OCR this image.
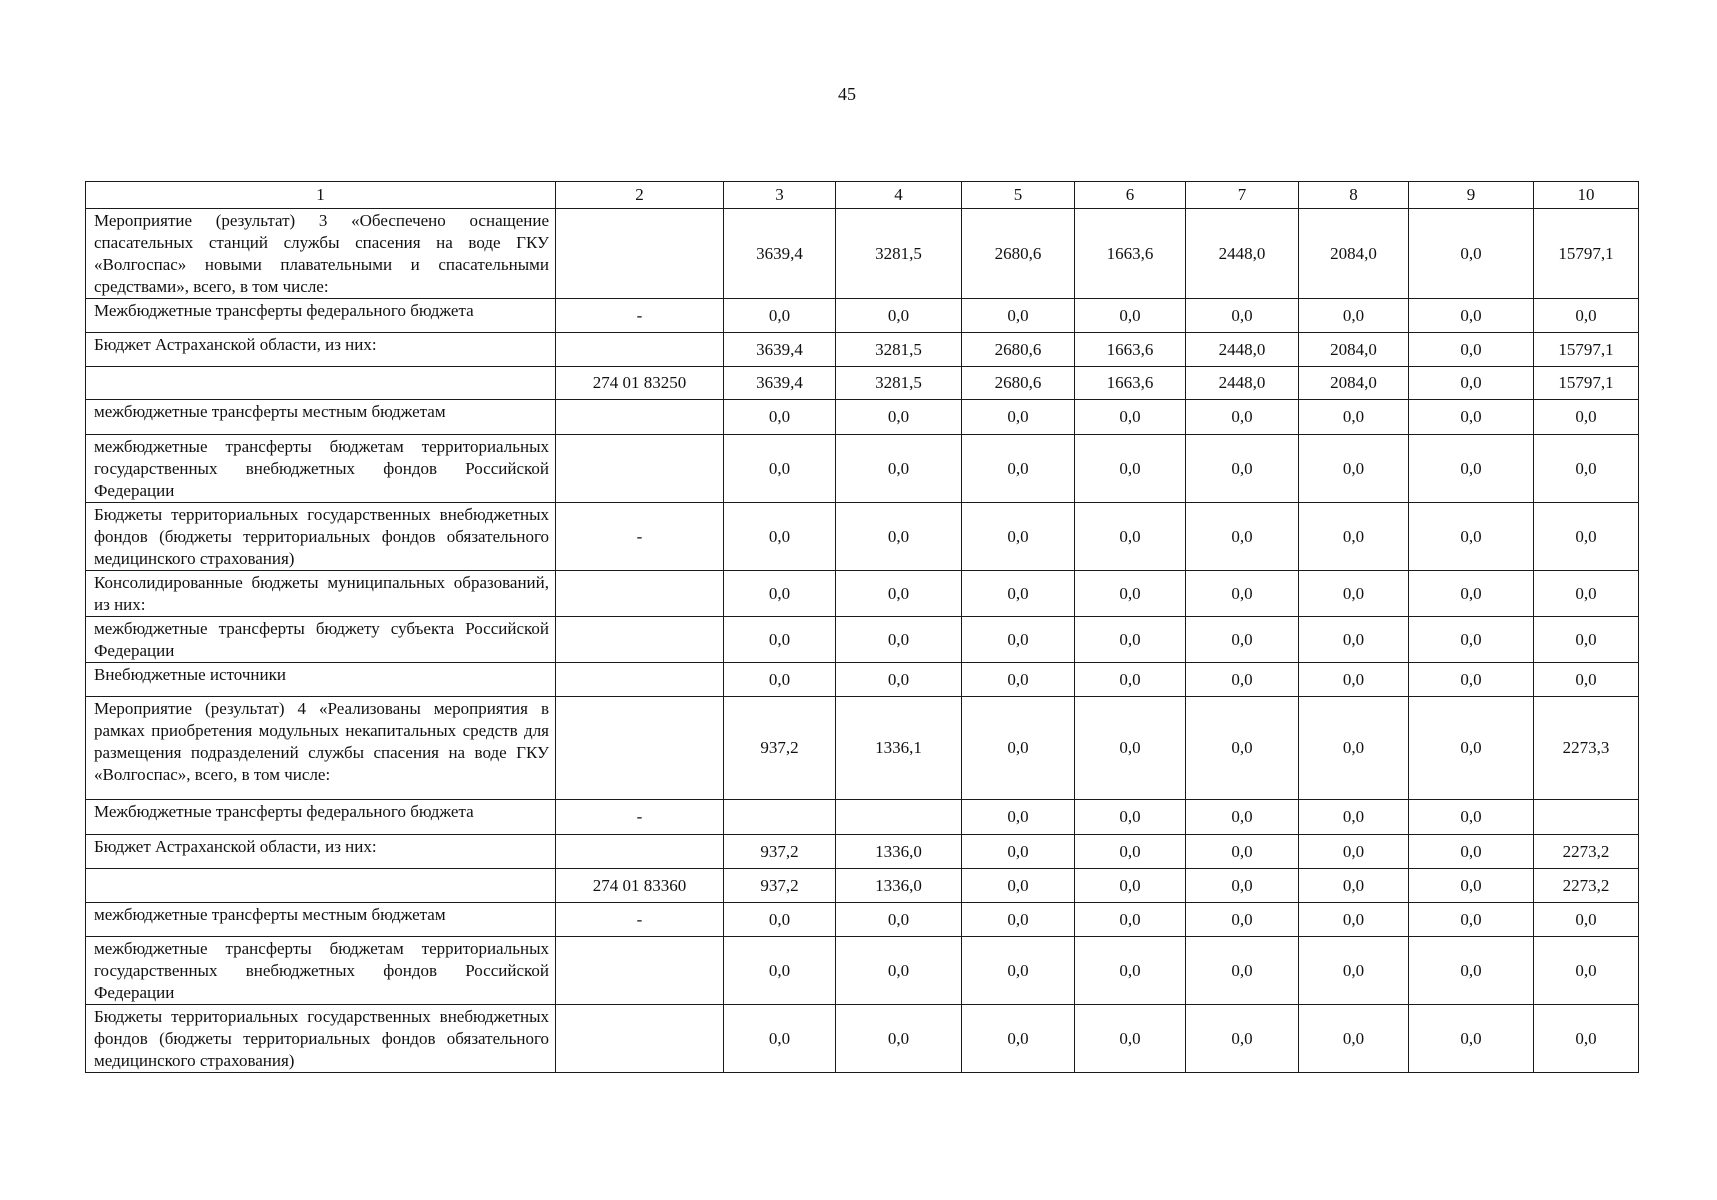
45
1	2	3	4	5	6	7	8	9	10
Мероприятие (результат) 3 «Обеспечено оснащение спасательных станций службы спасения на воде ГКУ «Волгоспас» новыми плавательными и спасательными средствами», всего, в том числе:		3639,4	3281,5	2680,6	1663,6	2448,0	2084,0	0,0	15797,1
Межбюджетные трансферты федерального бюджета	-	0,0	0,0	0,0	0,0	0,0	0,0	0,0	0,0
Бюджет Астраханской области, из них:		3639,4	3281,5	2680,6	1663,6	2448,0	2084,0	0,0	15797,1
	274 01 83250	3639,4	3281,5	2680,6	1663,6	2448,0	2084,0	0,0	15797,1
межбюджетные трансферты местным бюджетам		0,0	0,0	0,0	0,0	0,0	0,0	0,0	0,0
межбюджетные трансферты бюджетам территориальных государственных внебюджетных фондов Российской Федерации		0,0	0,0	0,0	0,0	0,0	0,0	0,0	0,0
Бюджеты территориальных государственных внебюджетных фондов (бюджеты территориальных фондов обязательного медицинского страхования)	-	0,0	0,0	0,0	0,0	0,0	0,0	0,0	0,0
Консолидированные бюджеты муниципальных образований, из них:		0,0	0,0	0,0	0,0	0,0	0,0	0,0	0,0
межбюджетные трансферты бюджету субъекта Российской Федерации		0,0	0,0	0,0	0,0	0,0	0,0	0,0	0,0
Внебюджетные источники		0,0	0,0	0,0	0,0	0,0	0,0	0,0	0,0
Мероприятие (результат) 4 «Реализованы мероприятия в рамках приобретения модульных некапитальных средств для размещения подразделений службы спасения на воде ГКУ «Волгоспас», всего, в том числе:		937,2	1336,1	0,0	0,0	0,0	0,0	0,0	2273,3
Межбюджетные трансферты федерального бюджета	-			0,0	0,0	0,0	0,0	0,0	
Бюджет Астраханской области, из них:		937,2	1336,0	0,0	0,0	0,0	0,0	0,0	2273,2
	274 01 83360	937,2	1336,0	0,0	0,0	0,0	0,0	0,0	2273,2
межбюджетные трансферты местным бюджетам	-	0,0	0,0	0,0	0,0	0,0	0,0	0,0	0,0
межбюджетные трансферты бюджетам территориальных государственных внебюджетных фондов Российской Федерации		0,0	0,0	0,0	0,0	0,0	0,0	0,0	0,0
Бюджеты территориальных государственных внебюджетных фондов (бюджеты территориальных фондов обязательного медицинского страхования)		0,0	0,0	0,0	0,0	0,0	0,0	0,0	0,0
